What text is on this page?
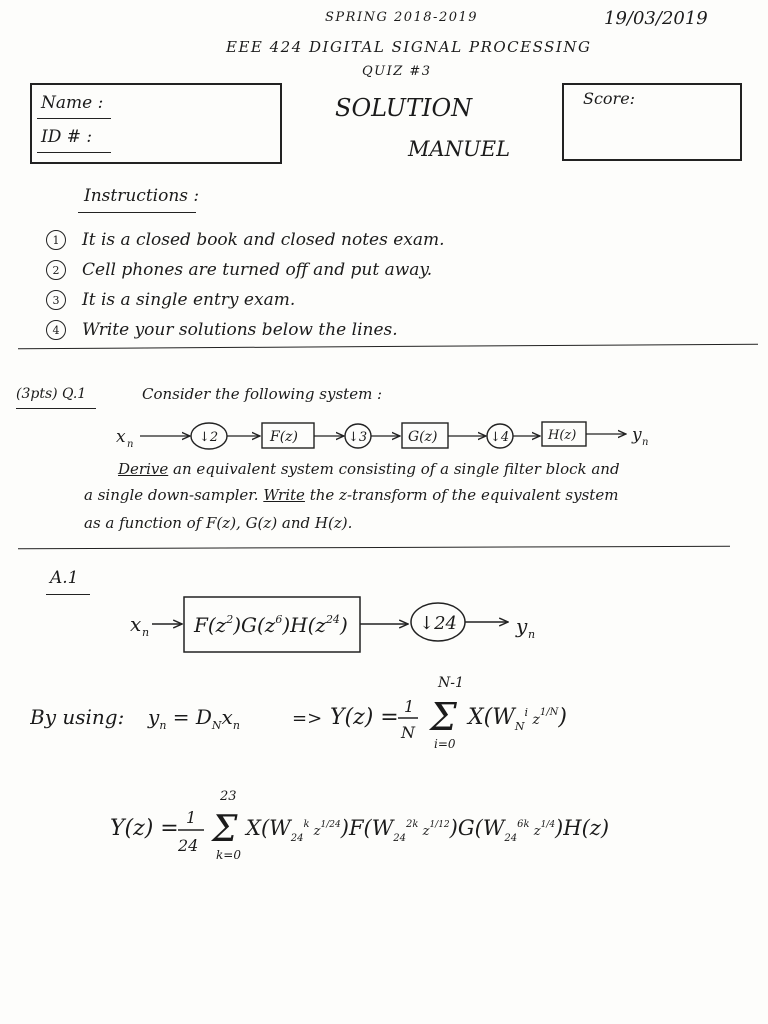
SPRING 2018-2019	19/03/2019
EEE 424 DIGITAL SIGNAL PROCESSING
QUIZ #3
Name :
ID # :
Score:
SOLUTION
MANUEL
Instructions :
1	It is a closed book and closed notes exam.
2	Cell phones are turned off and put away.
3	It is a single entry exam.
4	Write your solutions below the lines.
(3pts) Q.1	Consider the following system :
x n	↓2	F(z)	↓3	G(z)	↓4	H(z)	y n
Derive an equivalent system consisting of a single filter block and
a single down-sampler. Write the z-transform of the equivalent system
as a function of F(z), G(z) and H(z).
A.1
x n $F(z^2)G(z^6)H(z^{24})$	↓24	y n
By using: $y_n = D_Nx_n$	=> Y(z) = 1
N
N-1
Σ
i=0
$X(W_N^i$ $_z^{1/N}$)
Y(z) = 1
24
23
Σ
k=0
$X(W_{24}^k$ $_z^{1/24})F(W_{24}^{2k}$ $_z^{1/12})G(W_{24}^{6k}$ $_z^{1/4}$)H(z)
